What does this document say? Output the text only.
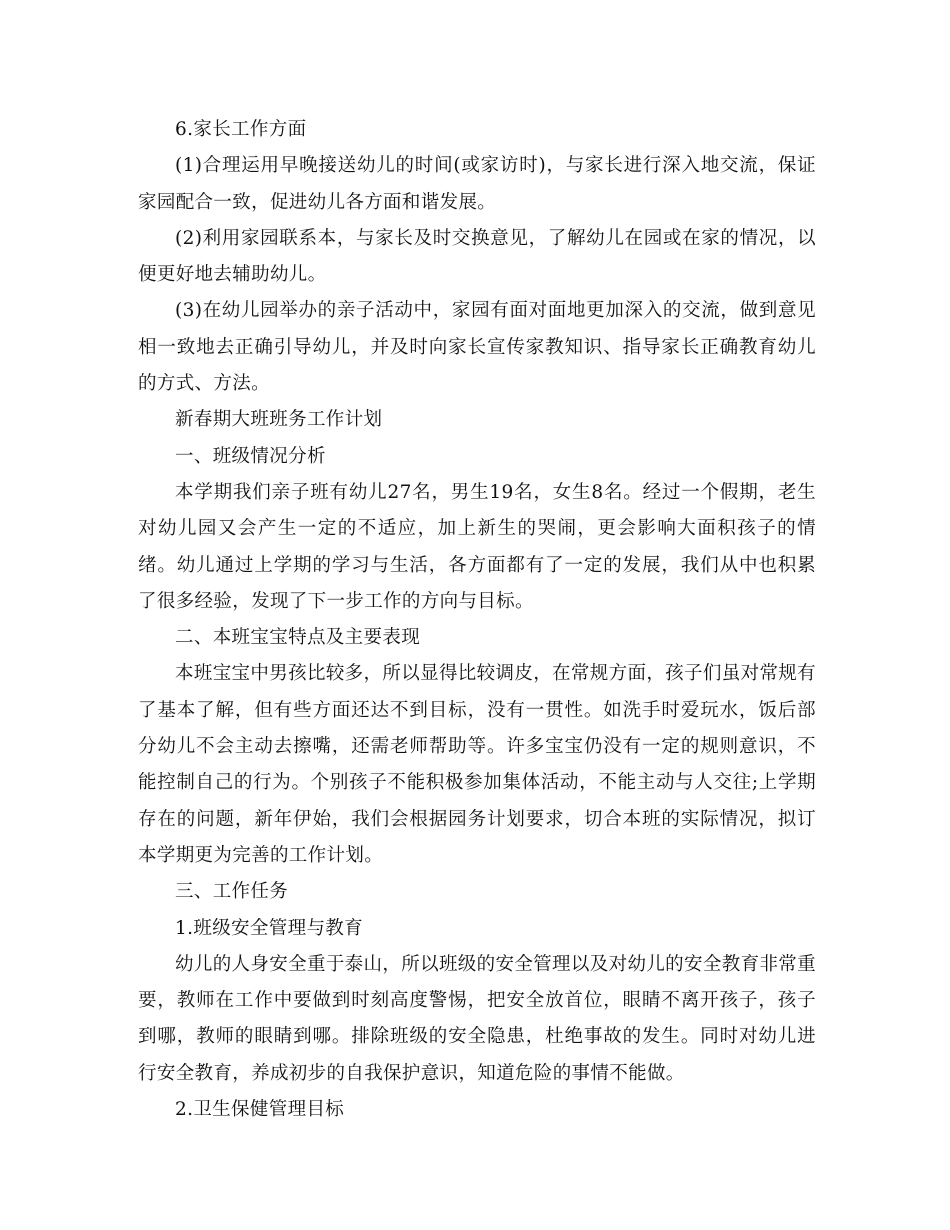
6.家长工作方面

(1)合理运用早晚接送幼儿的时间(或家访时)，与家长进行深入地交流，保证家园配合一致，促进幼儿各方面和谐发展。

(2)利用家园联系本，与家长及时交换意见，了解幼儿在园或在家的情况，以便更好地去辅助幼儿。

(3)在幼儿园举办的亲子活动中，家园有面对面地更加深入的交流，做到意见相一致地去正确引导幼儿，并及时向家长宣传家教知识、指导家长正确教育幼儿的方式、方法。

新春期大班班务工作计划

一、班级情况分析

本学期我们亲子班有幼儿27名，男生19名，女生8名。经过一个假期，老生对幼儿园又会产生一定的不适应，加上新生的哭闹，更会影响大面积孩子的情绪。幼儿通过上学期的学习与生活，各方面都有了一定的发展，我们从中也积累了很多经验，发现了下一步工作的方向与目标。

二、本班宝宝特点及主要表现

本班宝宝中男孩比较多，所以显得比较调皮，在常规方面，孩子们虽对常规有了基本了解，但有些方面还达不到目标，没有一贯性。如洗手时爱玩水，饭后部分幼儿不会主动去擦嘴，还需老师帮助等。许多宝宝仍没有一定的规则意识，不能控制自己的行为。个别孩子不能积极参加集体活动，不能主动与人交往;上学期存在的问题，新年伊始，我们会根据园务计划要求，切合本班的实际情况，拟订本学期更为完善的工作计划。

三、工作任务

1.班级安全管理与教育

幼儿的人身安全重于泰山，所以班级的安全管理以及对幼儿的安全教育非常重要，教师在工作中要做到时刻高度警惕，把安全放首位，眼睛不离开孩子，孩子到哪，教师的眼睛到哪。排除班级的安全隐患，杜绝事故的发生。同时对幼儿进行安全教育，养成初步的自我保护意识，知道危险的事情不能做。

2.卫生保健管理目标
